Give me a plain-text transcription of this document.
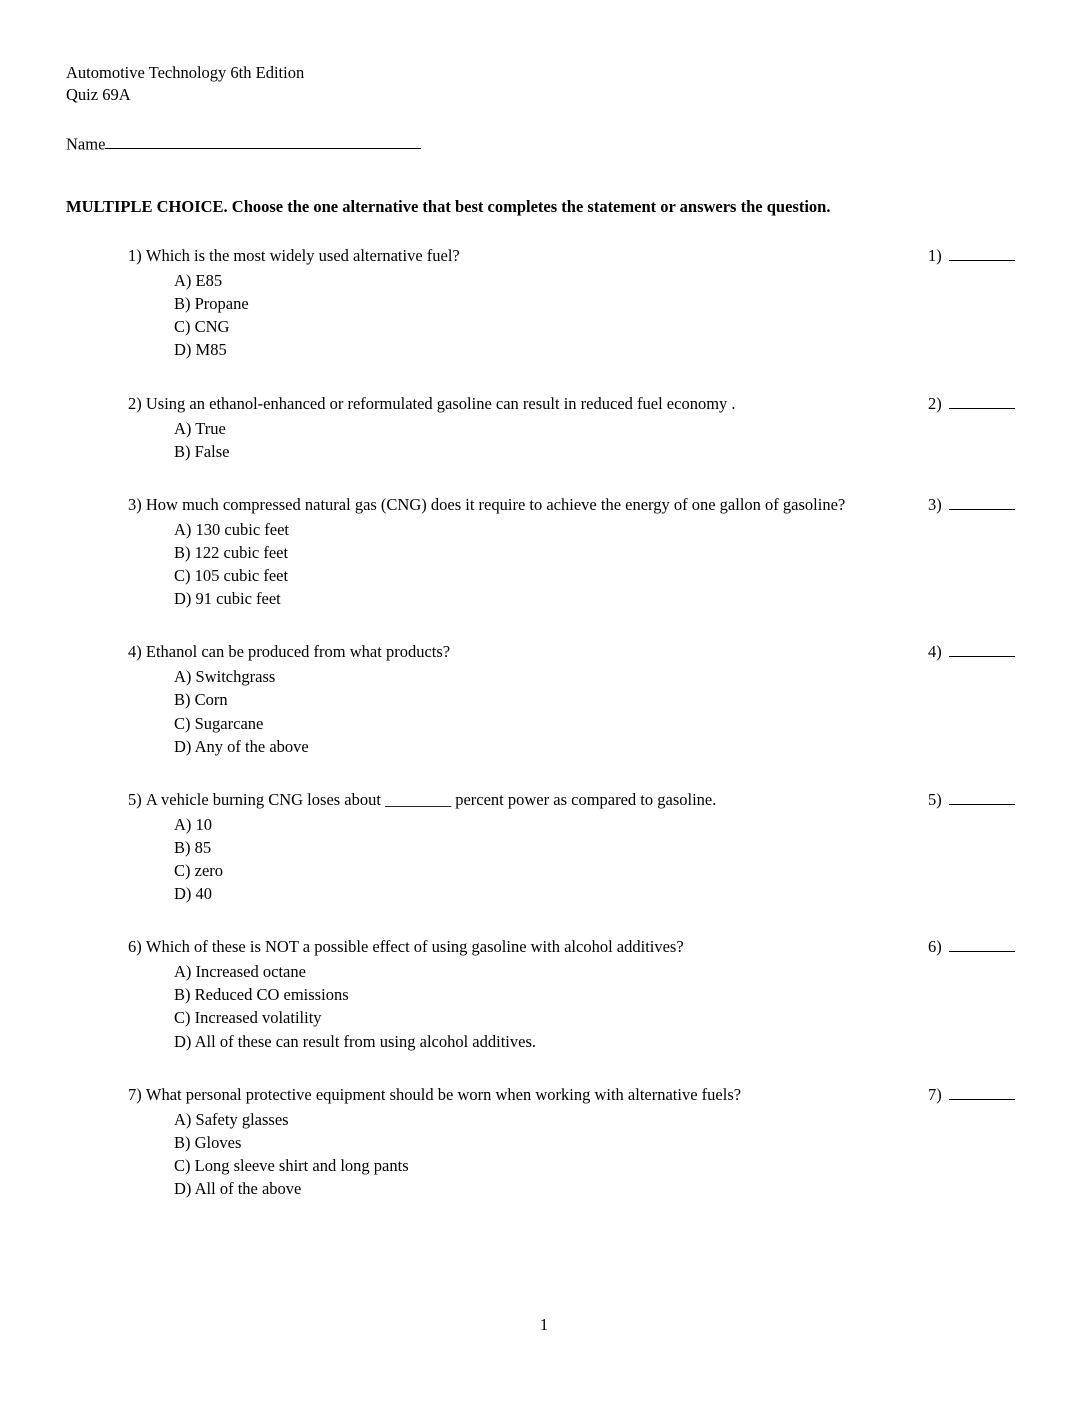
Automotive Technology 6th Edition
Quiz 69A
Name
MULTIPLE CHOICE. Choose the one alternative that best completes the statement or answers the question.
1) Which is the most widely used alternative fuel?	1)
A) E85
B) Propane
C) CNG
D) M85
2) Using an ethanol-enhanced or reformulated gasoline can result in reduced fuel economy .	2)
A) True
B) False
3) How much compressed natural gas (CNG) does it require to achieve the energy of one gallon of gasoline?	3)
A) 130 cubic feet
B) 122 cubic feet
C) 105 cubic feet
D) 91 cubic feet
4) Ethanol can be produced from what products?	4)
A) Switchgrass
B) Corn
C) Sugarcane
D) Any of the above
5) A vehicle burning CNG loses about ________ percent power as compared to gasoline.	5)
A) 10
B) 85
C) zero
D) 40
6) Which of these is NOT a possible effect of using gasoline with alcohol additives?	6)
A) Increased octane
B) Reduced CO emissions
C) Increased volatility
D) All of these can result from using alcohol additives.
7) What personal protective equipment should be worn when working with alternative fuels?	7)
A) Safety glasses
B) Gloves
C) Long sleeve shirt and long pants
D) All of the above
1
